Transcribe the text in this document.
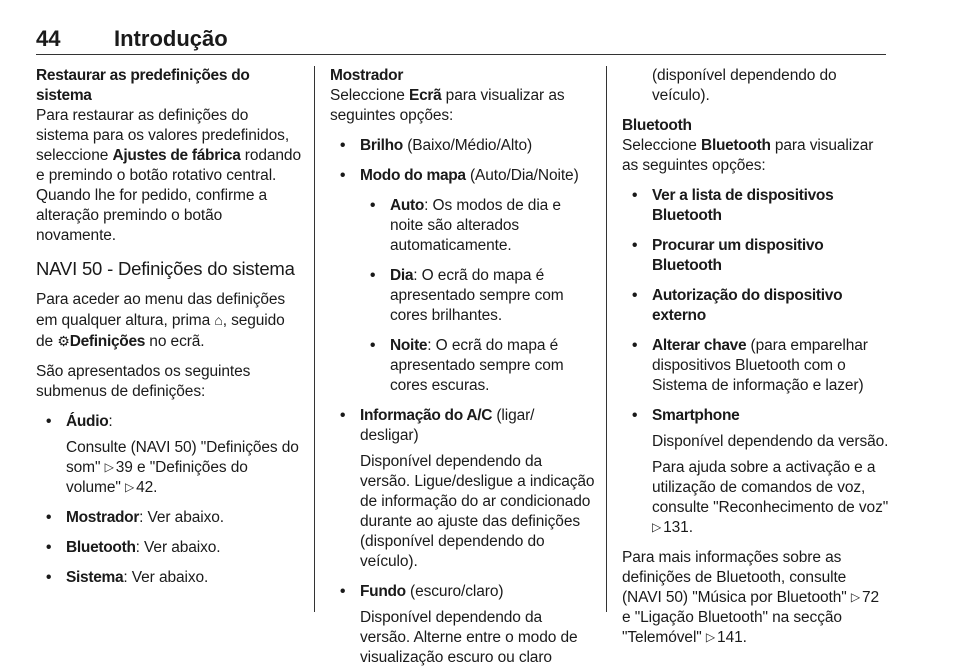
44 Introdução

Restaurar as predefinições do sistema

Para restaurar as definições do sistema para os valores predefinidos, seleccione Ajustes de fábrica rodando e premindo o botão rotativo central. Quando lhe for pedido, confirme a alteração premindo o botão novamente.

NAVI 50 - Definições do sistema

Para aceder ao menu das definições em qualquer altura, prima ⌂, seguido de ⚙Definições no ecrã.

São apresentados os seguintes submenus de definições:

• Áudio:

Consulte (NAVI 50) "Definições do som" ▷ 39 e "Definições do volume" ▷ 42.

• Mostrador: Ver abaixo.
• Bluetooth: Ver abaixo.
• Sistema: Ver abaixo.

Mostrador

Seleccione Ecrã para visualizar as seguintes opções:

• Brilho (Baixo/Médio/Alto)
• Modo do mapa (Auto/Dia/Noite)
• Auto: Os modos de dia e noite são alterados automaticamente.
• Dia: O ecrã do mapa é apresentado sempre com cores brilhantes.
• Noite: O ecrã do mapa é apresentado sempre com cores escuras.
• Informação do A/C (ligar/ desligar)

Disponível dependendo da versão. Ligue/desligue a indicação de informação do ar condicionado durante ao ajuste das definições (disponível dependendo do veículo).

• Fundo (escuro/claro)

Disponível dependendo da versão. Alterne entre o modo de visualização escuro ou claro

(disponível dependendo do veículo).

Bluetooth

Seleccione Bluetooth para visualizar as seguintes opções:

• Ver a lista de dispositivos Bluetooth
• Procurar um dispositivo Bluetooth
• Autorização do dispositivo externo
• Alterar chave (para emparelhar dispositivos Bluetooth com o Sistema de informação e lazer)
• Smartphone

Disponível dependendo da versão.

Para ajuda sobre a activação e a utilização de comandos de voz, consulte "Reconhecimento de voz" ▷ 131.

Para mais informações sobre as definições de Bluetooth, consulte (NAVI 50) "Música por Bluetooth" ▷ 72 e "Ligação Bluetooth" na secção "Telemóvel" ▷ 141.
